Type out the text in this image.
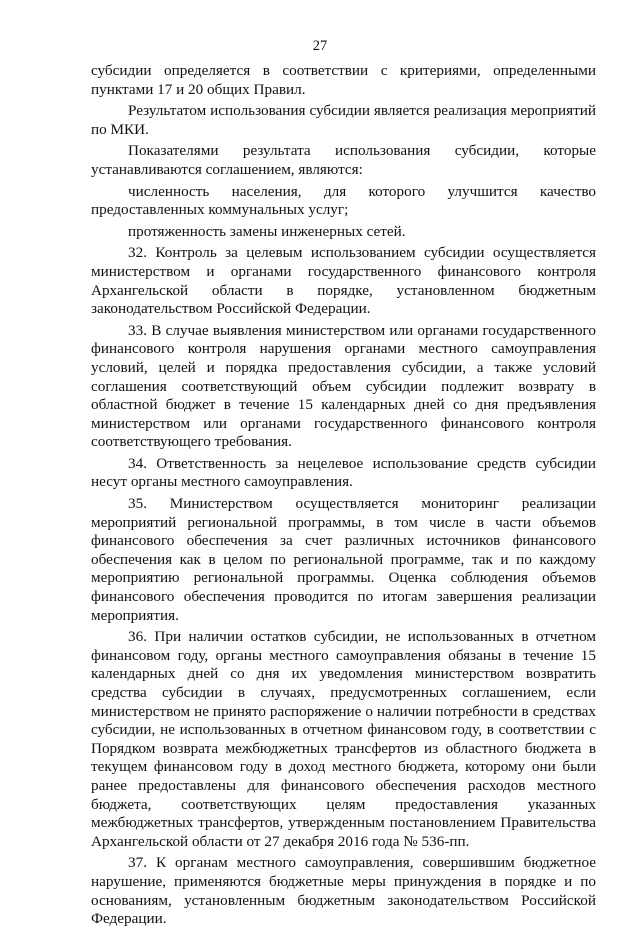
27

субсидии определяется в соответствии с критериями, определенными пунктами 17 и 20 общих Правил.

Результатом использования субсидии является реализация мероприятий по МКИ.

Показателями результата использования субсидии, которые устанавливаются соглашением, являются:

численность населения, для которого улучшится качество предоставленных коммунальных услуг;

протяженность замены инженерных сетей.

32. Контроль за целевым использованием субсидии осуществляется министерством и органами государственного финансового контроля Архангельской области в порядке, установленном бюджетным законодательством Российской Федерации.

33. В случае выявления министерством или органами государственного финансового контроля нарушения органами местного самоуправления условий, целей и порядка предоставления субсидии, а также условий соглашения соответствующий объем субсидии подлежит возврату в областной бюджет в течение 15 календарных дней со дня предъявления министерством или органами государственного финансового контроля соответствующего требования.

34. Ответственность за нецелевое использование средств субсидии несут органы местного самоуправления.

35. Министерством осуществляется мониторинг реализации мероприятий региональной программы, в том числе в части объемов финансового обеспечения за счет различных источников финансового обеспечения как в целом по региональной программе, так и по каждому мероприятию региональной программы. Оценка соблюдения объемов финансового обеспечения проводится по итогам завершения реализации мероприятия.

36. При наличии остатков субсидии, не использованных в отчетном финансовом году, органы местного самоуправления обязаны в течение 15 календарных дней со дня их уведомления министерством возвратить средства субсидии в случаях, предусмотренных соглашением, если министерством не принято распоряжение о наличии потребности в средствах субсидии, не использованных в отчетном финансовом году, в соответствии с Порядком возврата межбюджетных трансфертов из областного бюджета в текущем финансовом году в доход местного бюджета, которому они были ранее предоставлены для финансового обеспечения расходов местного бюджета, соответствующих целям предоставления указанных межбюджетных трансфертов, утвержденным постановлением Правительства Архангельской области от 27 декабря 2016 года № 536-пп.

37. К органам местного самоуправления, совершившим бюджетное нарушение, применяются бюджетные меры принуждения в порядке и по основаниям, установленным бюджетным законодательством Российской Федерации.
